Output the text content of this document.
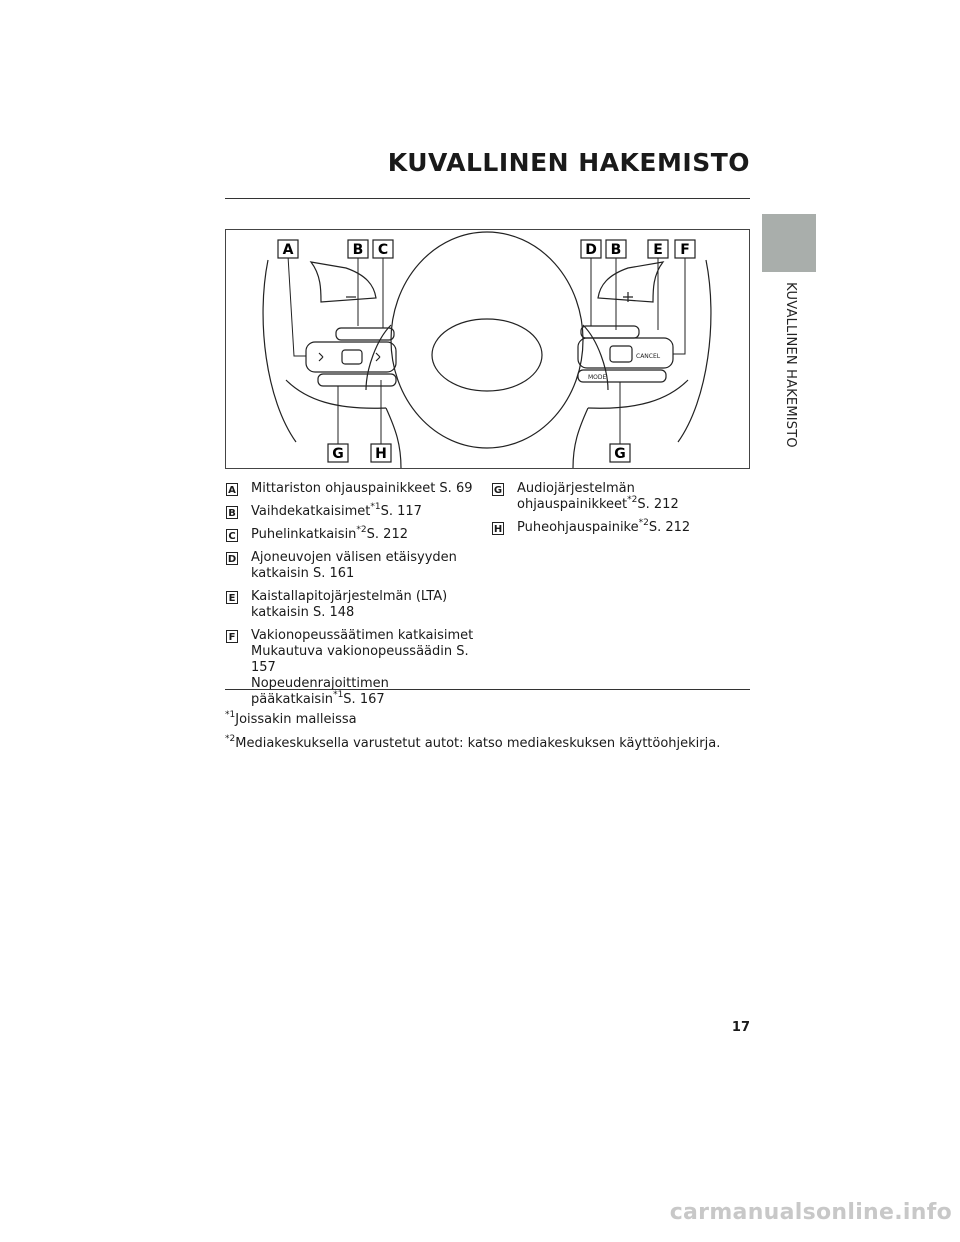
KUVALLINEN HAKEMISTO
KUVALLINEN HAKEMISTO
CANCEL
MODE
A	B C	D B E F
G H	G
A Mittariston ohjauspainikkeet S. 69
B Vaihdekatkaisimet$^{*1}$S. 117
C Puhelinkatkaisin$^{*2}$S. 212
D Ajoneuvojen välisen etäisyyden
katkaisin S. 161
E Kaistallapitojärjestelmän (LTA)
katkaisin S. 148
F Vakionopeussäätimen katkaisimet
Mukautuva vakionopeussäädin S. 157
Nopeudenrajoittimen
pääkatkaisin$^{*1}$S. 167
G Audiojärjestelmän
ohjauspainikkeet$^{*2}$S. 212
H Puheohjauspainike$^{*2}$S. 212
$^{*1}$Joissakin malleissa
$^{*2}$Mediakeskuksella varustetut autot: katso mediakeskuksen käyttöohjekirja.
17
carmanualsonline.info
